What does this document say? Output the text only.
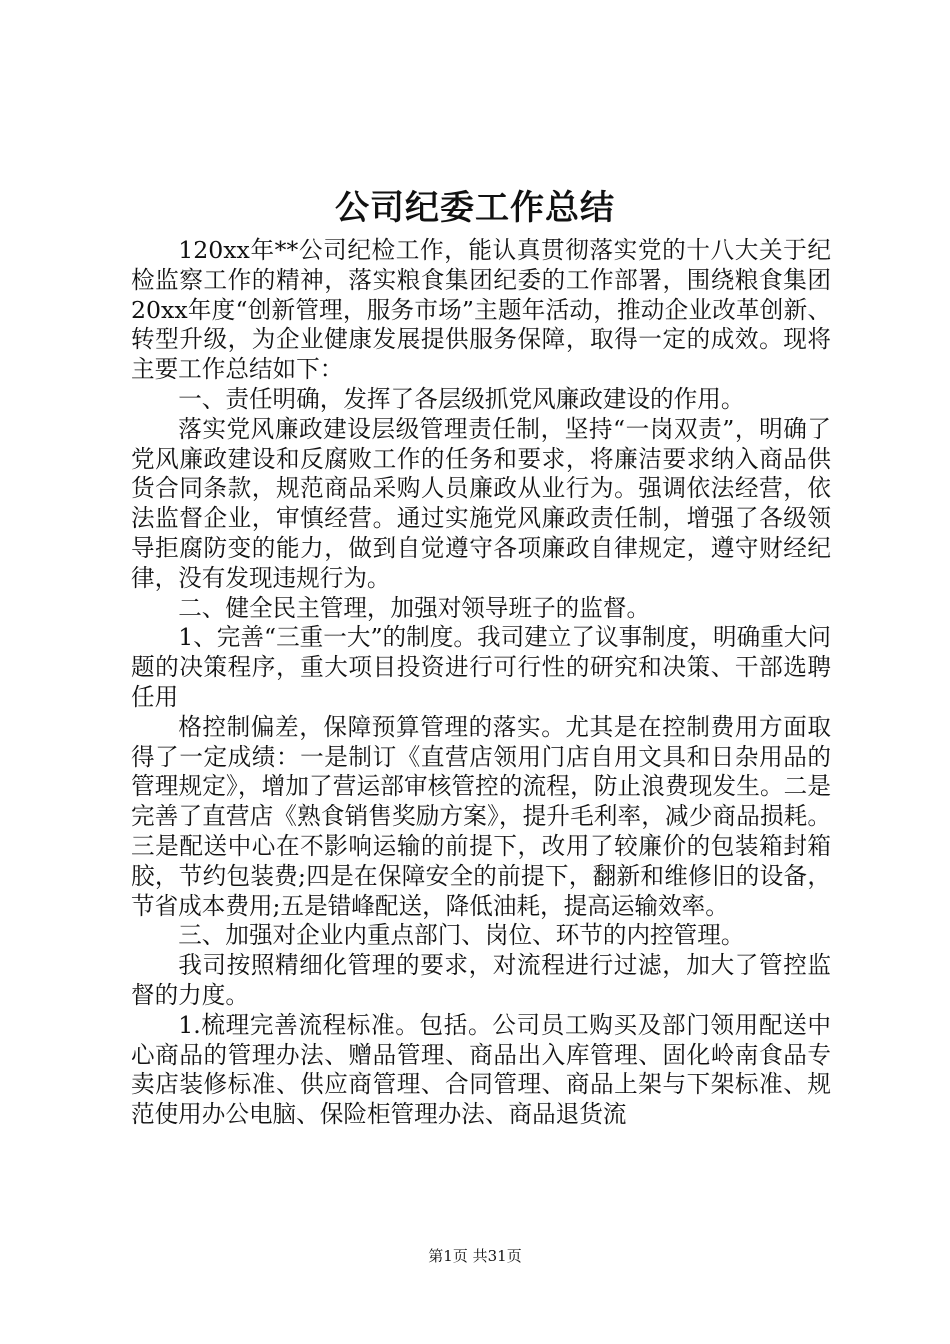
公司纪委工作总结

120xx年**公司纪检工作，能认真贯彻落实党的十八大关于纪检监察工作的精神，落实粮食集团纪委的工作部署，围绕粮食集团20xx年度“创新管理，服务市场”主题年活动，推动企业改革创新、转型升级，为企业健康发展提供服务保障，取得一定的成效。现将主要工作总结如下：

一、责任明确，发挥了各层级抓党风廉政建设的作用。

落实党风廉政建设层级管理责任制，坚持“一岗双责”，明确了党风廉政建设和反腐败工作的任务和要求，将廉洁要求纳入商品供货合同条款，规范商品采购人员廉政从业行为。强调依法经营，依法监督企业，审慎经营。通过实施党风廉政责任制，增强了各级领导拒腐防变的能力，做到自觉遵守各项廉政自律规定，遵守财经纪律，没有发现违规行为。

二、健全民主管理，加强对领导班子的监督。

1、完善“三重一大”的制度。我司建立了议事制度，明确重大问题的决策程序，重大项目投资进行可行性的研究和决策、干部选聘任用

格控制偏差，保障预算管理的落实。尤其是在控制费用方面取得了一定成绩：一是制订《直营店领用门店自用文具和日杂用品的管理规定》，增加了营运部审核管控的流程，防止浪费现发生。二是完善了直营店《熟食销售奖励方案》，提升毛利率，减少商品损耗。三是配送中心在不影响运输的前提下，改用了较廉价的包装箱封箱胶，节约包装费;四是在保障安全的前提下，翻新和维修旧的设备，节省成本费用;五是错峰配送，降低油耗，提高运输效率。

三、加强对企业内重点部门、岗位、环节的内控管理。

我司按照精细化管理的要求，对流程进行过滤，加大了管控监督的力度。

1.梳理完善流程标准。包括。公司员工购买及部门领用配送中心商品的管理办法、赠品管理、商品出入库管理、固化岭南食品专卖店装修标准、供应商管理、合同管理、商品上架与下架标准、规范使用办公电脑、保险柜管理办法、商品退货流

第1页 共31页
